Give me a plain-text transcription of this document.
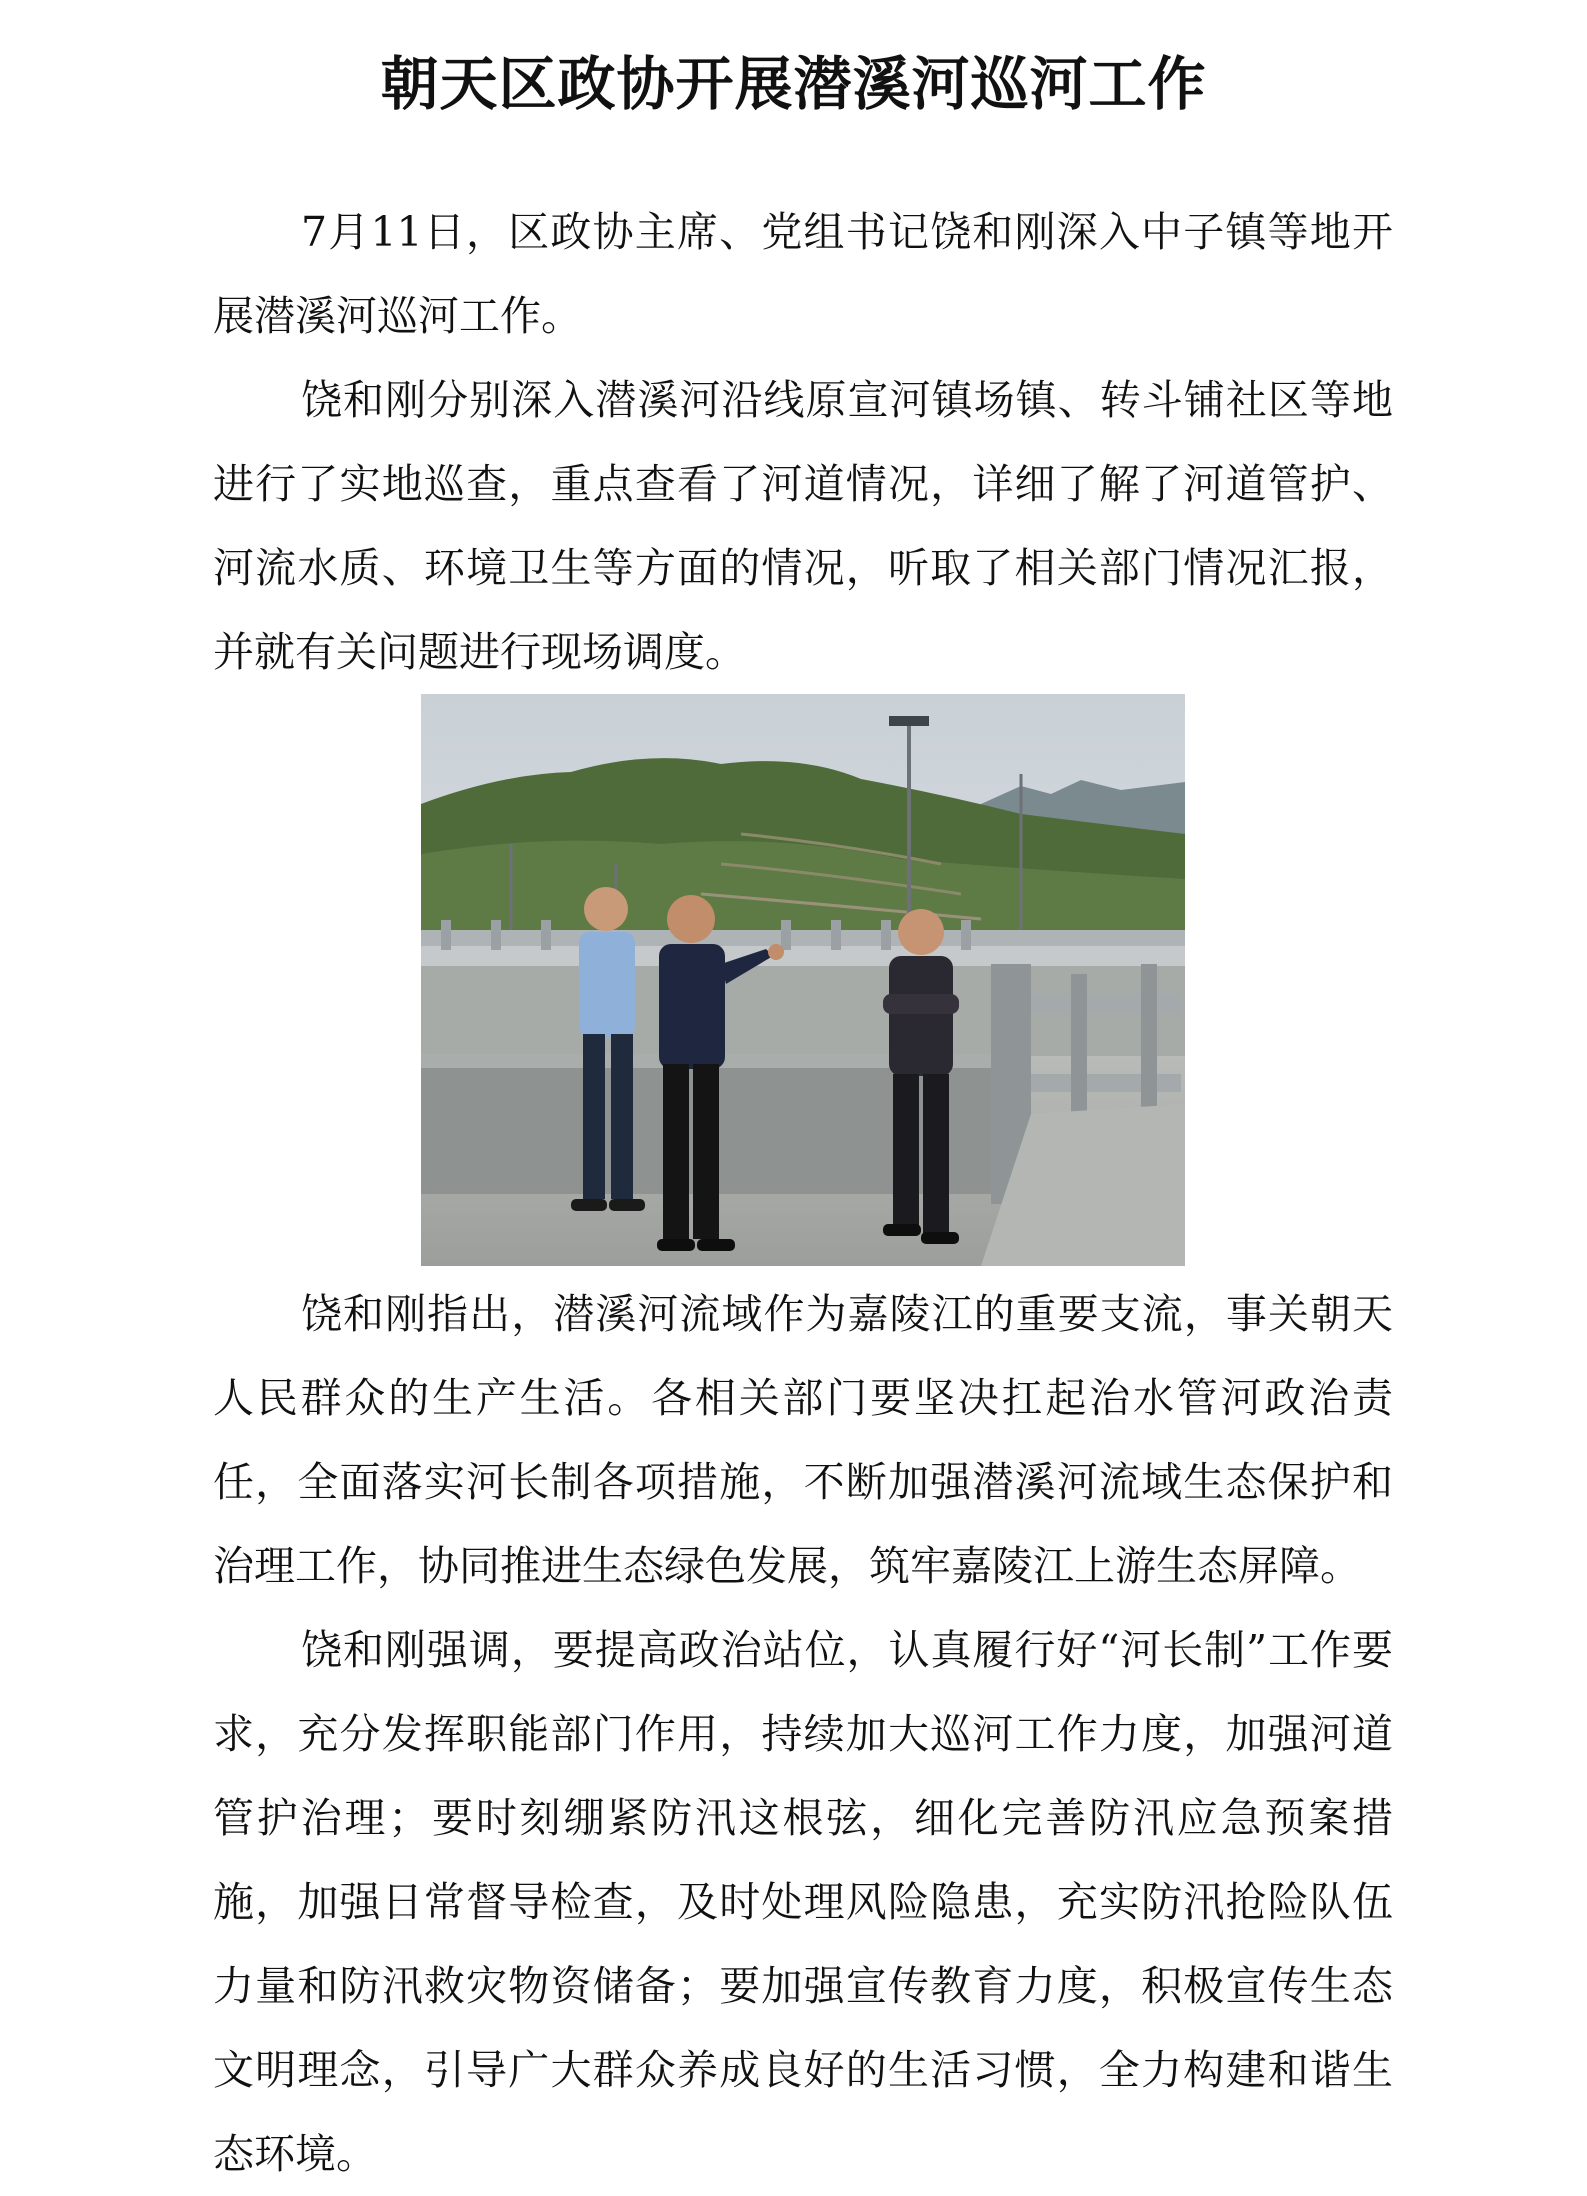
朝天区政协开展潜溪河巡河工作

7月11日，区政协主席、党组书记饶和刚深入中子镇等地开展潜溪河巡河工作。

饶和刚分别深入潜溪河沿线原宣河镇场镇、转斗铺社区等地进行了实地巡查，重点查看了河道情况，详细了解了河道管护、河流水质、环境卫生等方面的情况，听取了相关部门情况汇报，并就有关问题进行现场调度。

饶和刚指出，潜溪河流域作为嘉陵江的重要支流，事关朝天人民群众的生产生活。各相关部门要坚决扛起治水管河政治责任，全面落实河长制各项措施，不断加强潜溪河流域生态保护和治理工作，协同推进生态绿色发展，筑牢嘉陵江上游生态屏障。

饶和刚强调，要提高政治站位，认真履行好“河长制”工作要求，充分发挥职能部门作用，持续加大巡河工作力度，加强河道管护治理；要时刻绷紧防汛这根弦，细化完善防汛应急预案措施，加强日常督导检查，及时处理风险隐患，充实防汛抢险队伍力量和防汛救灾物资储备；要加强宣传教育力度，积极宣传生态文明理念，引导广大群众养成良好的生活习惯，全力构建和谐生态环境。
